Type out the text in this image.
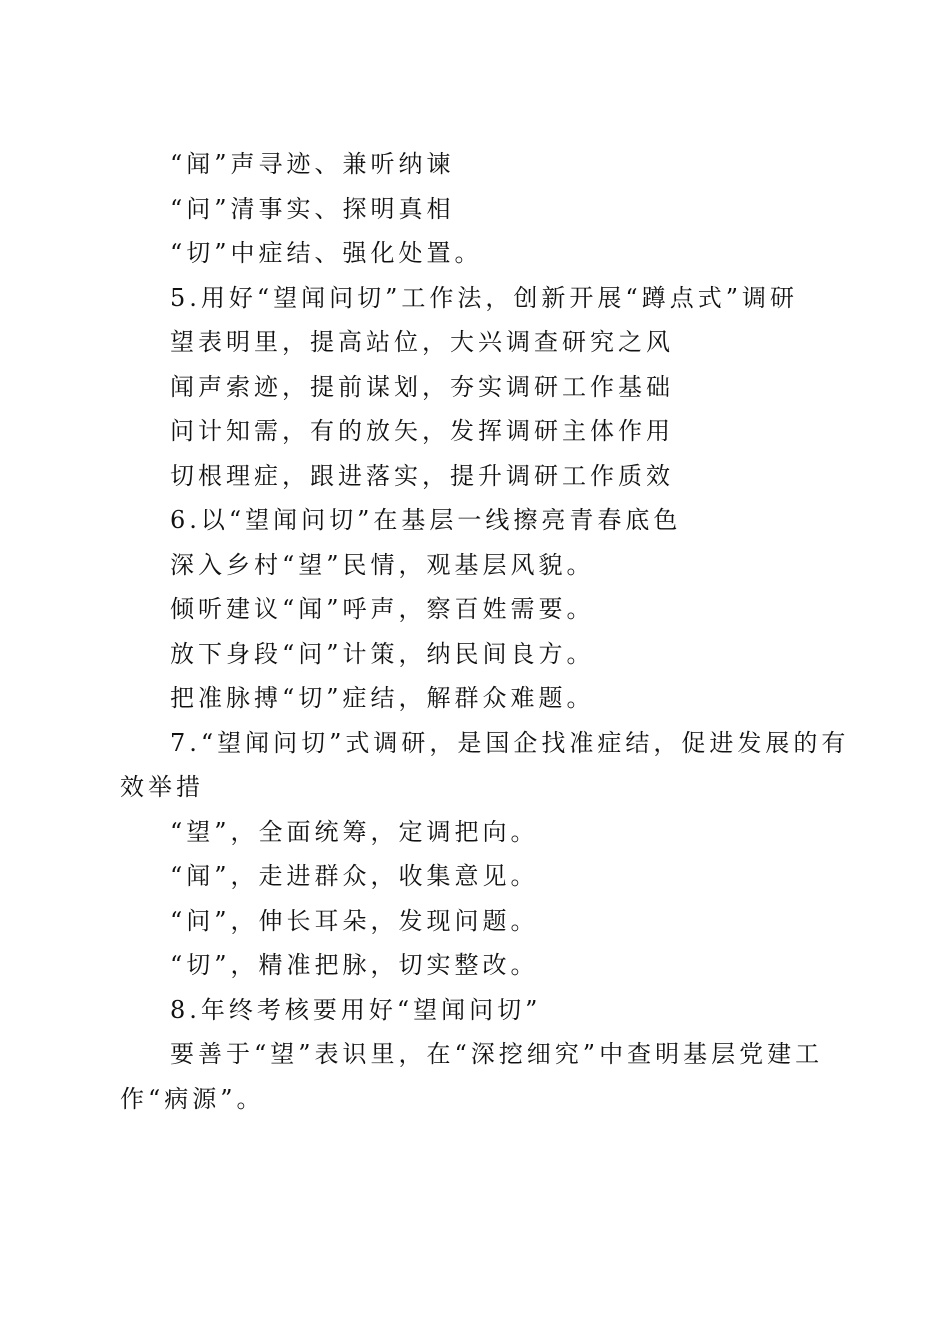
“闻”声寻迹、兼听纳谏
“问”清事实、探明真相
“切”中症结、强化处置。
5.用好“望闻问切”工作法，创新开展“蹲点式”调研
望表明里，提高站位，大兴调查研究之风
闻声索迹，提前谋划，夯实调研工作基础
问计知需，有的放矢，发挥调研主体作用
切根理症，跟进落实，提升调研工作质效
6.以“望闻问切”在基层一线擦亮青春底色
深入乡村“望”民情，观基层风貌。
倾听建议“闻”呼声，察百姓需要。
放下身段“问”计策，纳民间良方。
把准脉搏“切”症结，解群众难题。
7.“望闻问切”式调研，是国企找准症结，促进发展的有
效举措
“望”，全面统筹，定调把向。
“闻”，走进群众，收集意见。
“问”，伸长耳朵，发现问题。
“切”，精准把脉，切实整改。
8.年终考核要用好“望闻问切”
要善于“望”表识里，在“深挖细究”中查明基层党建工
作“病源”。
